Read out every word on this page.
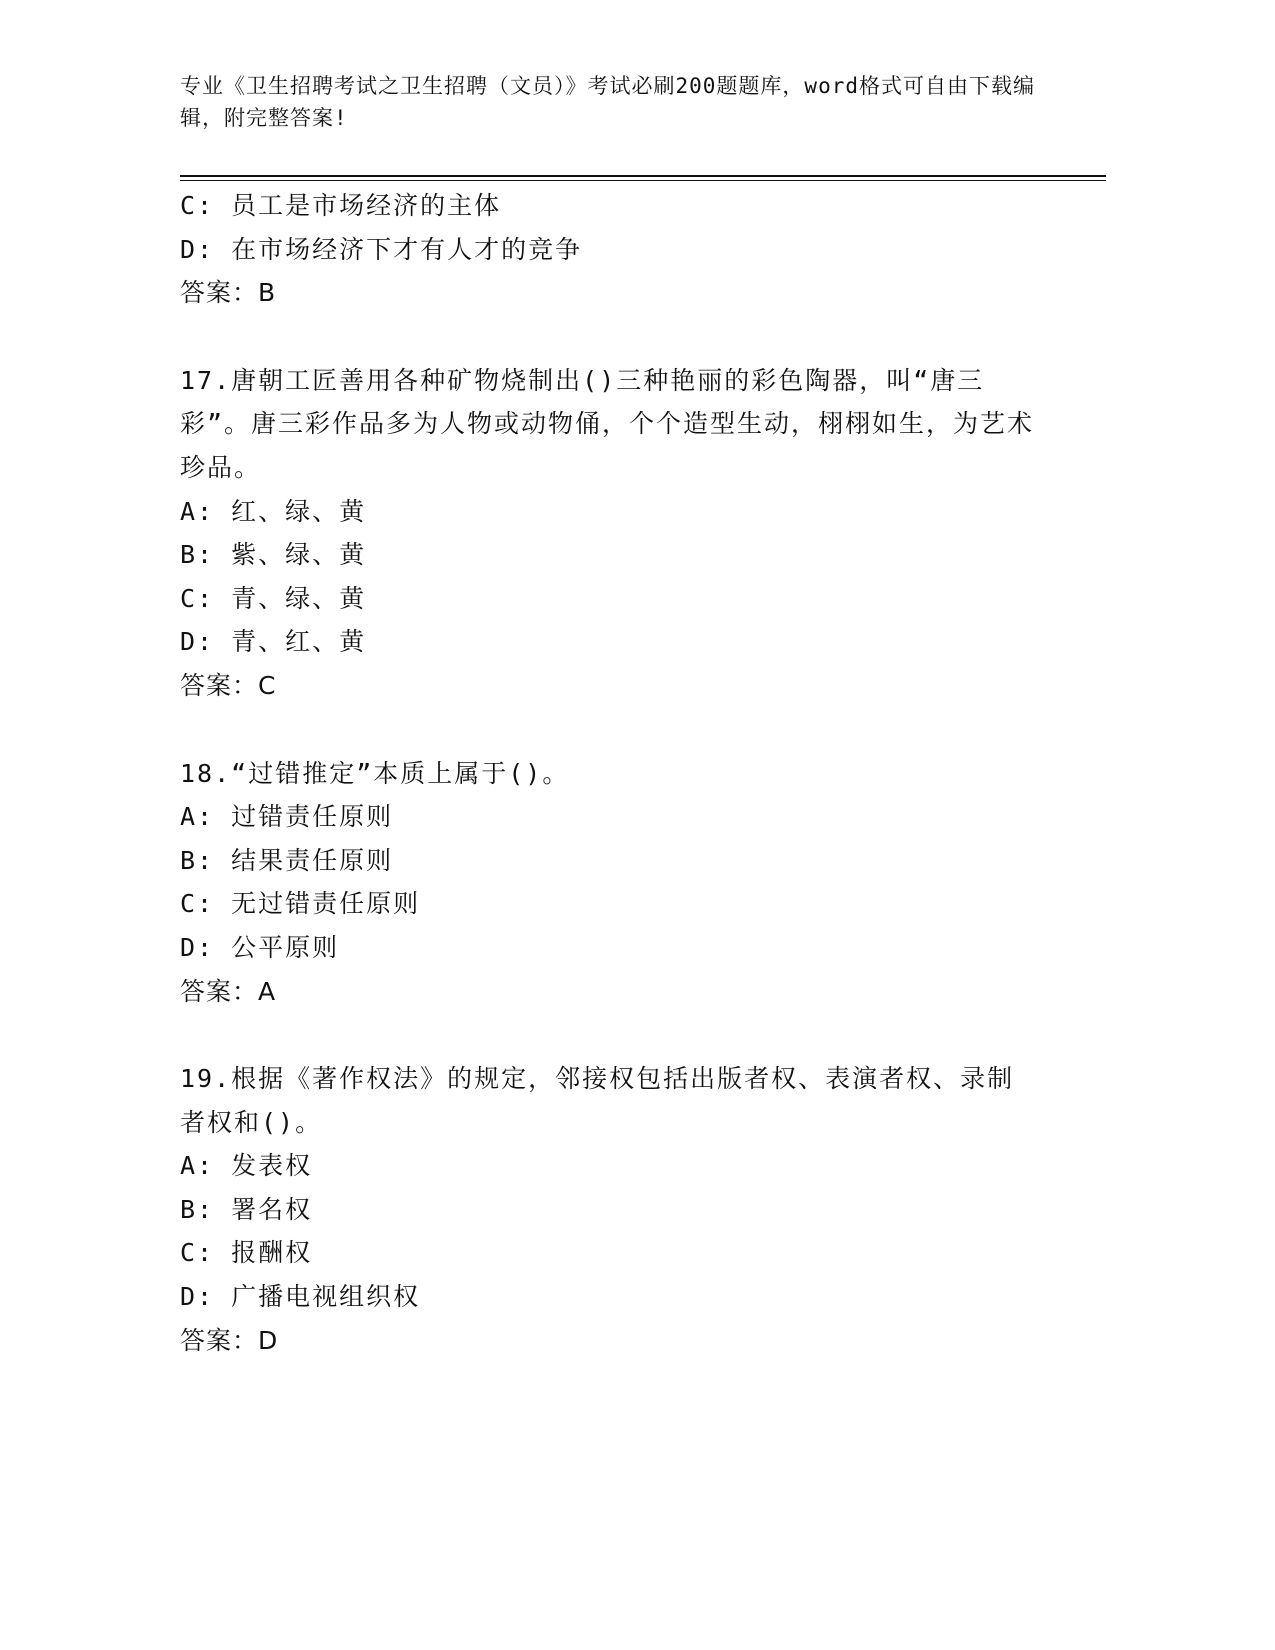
专业《卫生招聘考试之卫生招聘（文员）》考试必刷200题题库，word格式可自由下载编辑，附完整答案!
C: 员工是市场经济的主体
D: 在市场经济下才有人才的竞争
答案：B
17.唐朝工匠善用各种矿物烧制出()三种艳丽的彩色陶器，叫“唐三彩”。唐三彩作品多为人物或动物俑，个个造型生动，栩栩如生，为艺术珍品。
A: 红、绿、黄
B: 紫、绿、黄
C: 青、绿、黄
D: 青、红、黄
答案：C
18.“过错推定”本质上属于()。
A: 过错责任原则
B: 结果责任原则
C: 无过错责任原则
D: 公平原则
答案：A
19.根据《著作权法》的规定，邻接权包括出版者权、表演者权、录制者权和()。
A: 发表权
B: 署名权
C: 报酬权
D: 广播电视组织权
答案：D
